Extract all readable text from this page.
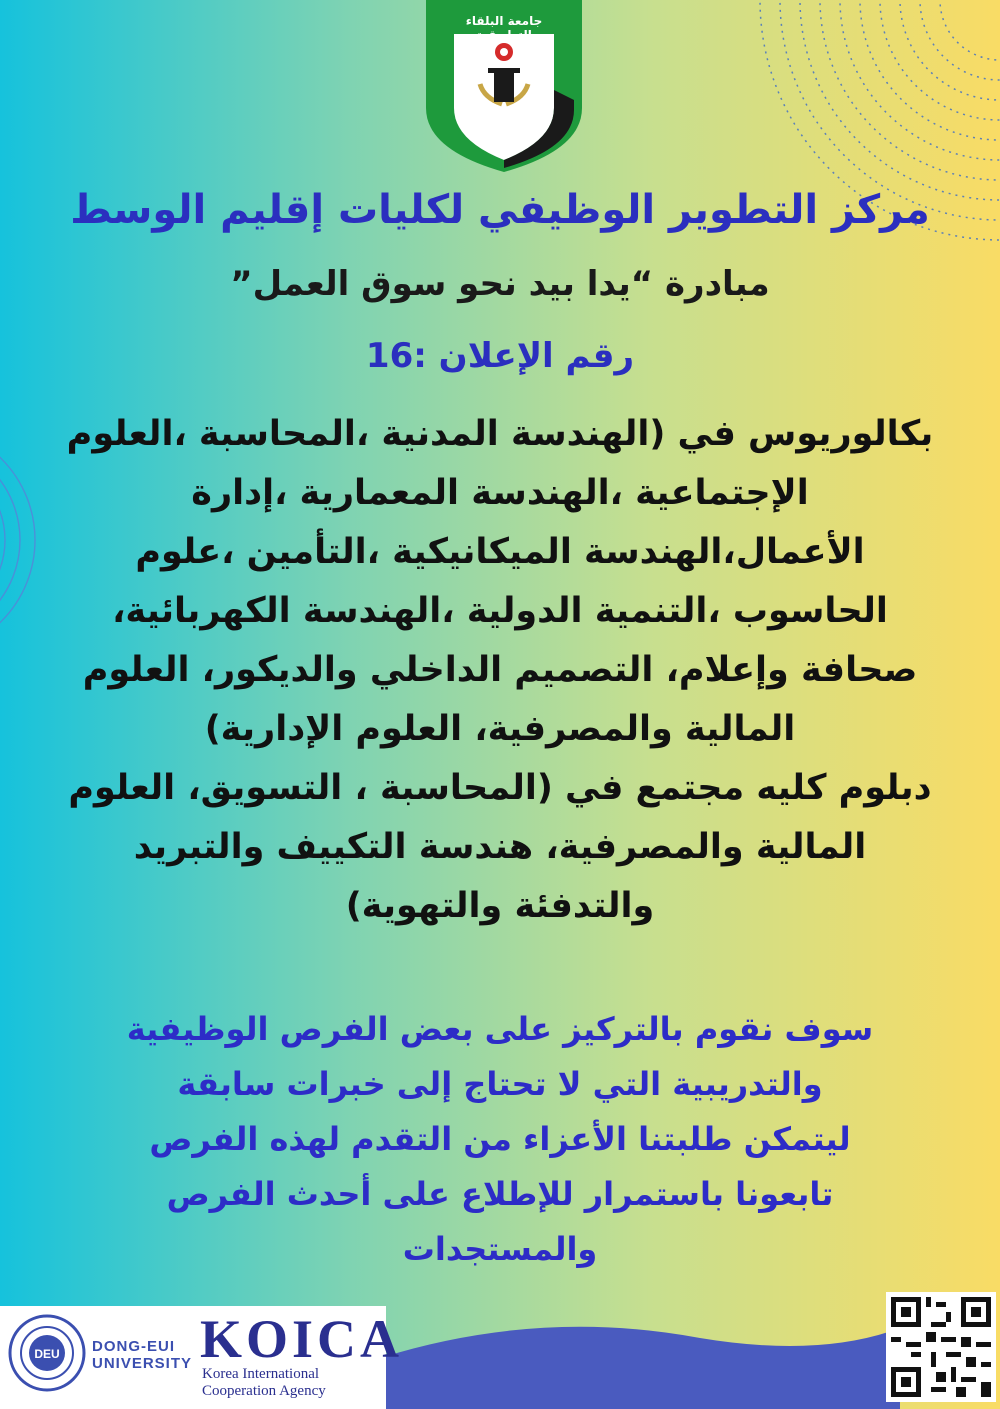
جامعة البلقاء التطبيقية
مركز التطوير الوظيفي لكليات إقليم الوسط
مبادرة “يدا بيد نحو سوق العمل”
رقم الإعلان :16
بكالوريوس في (الهندسة المدنية ،المحاسبة ،العلوم
الإجتماعية ،الهندسة المعمارية ،إدارة
الأعمال،الهندسة الميكانيكية ،التأمين ،علوم
الحاسوب ،التنمية الدولية ،الهندسة الكهربائية،
صحافة وإعلام، التصميم الداخلي والديكور، العلوم
المالية والمصرفية، العلوم الإدارية)
دبلوم كليه مجتمع في (المحاسبة ، التسويق، العلوم
المالية والمصرفية، هندسة التكييف والتبريد
والتدفئة والتهوية)
سوف نقوم بالتركيز على بعض الفرص الوظيفية
والتدريبية التي لا تحتاج إلى خبرات سابقة
ليتمكن طلبتنا الأعزاء من التقدم لهذه الفرص
تابعونا باستمرار للإطلاع على أحدث الفرص
والمستجدات
DEU DONG-EUI
UNIVERSITY KOICA
Korea International
Cooperation Agency
